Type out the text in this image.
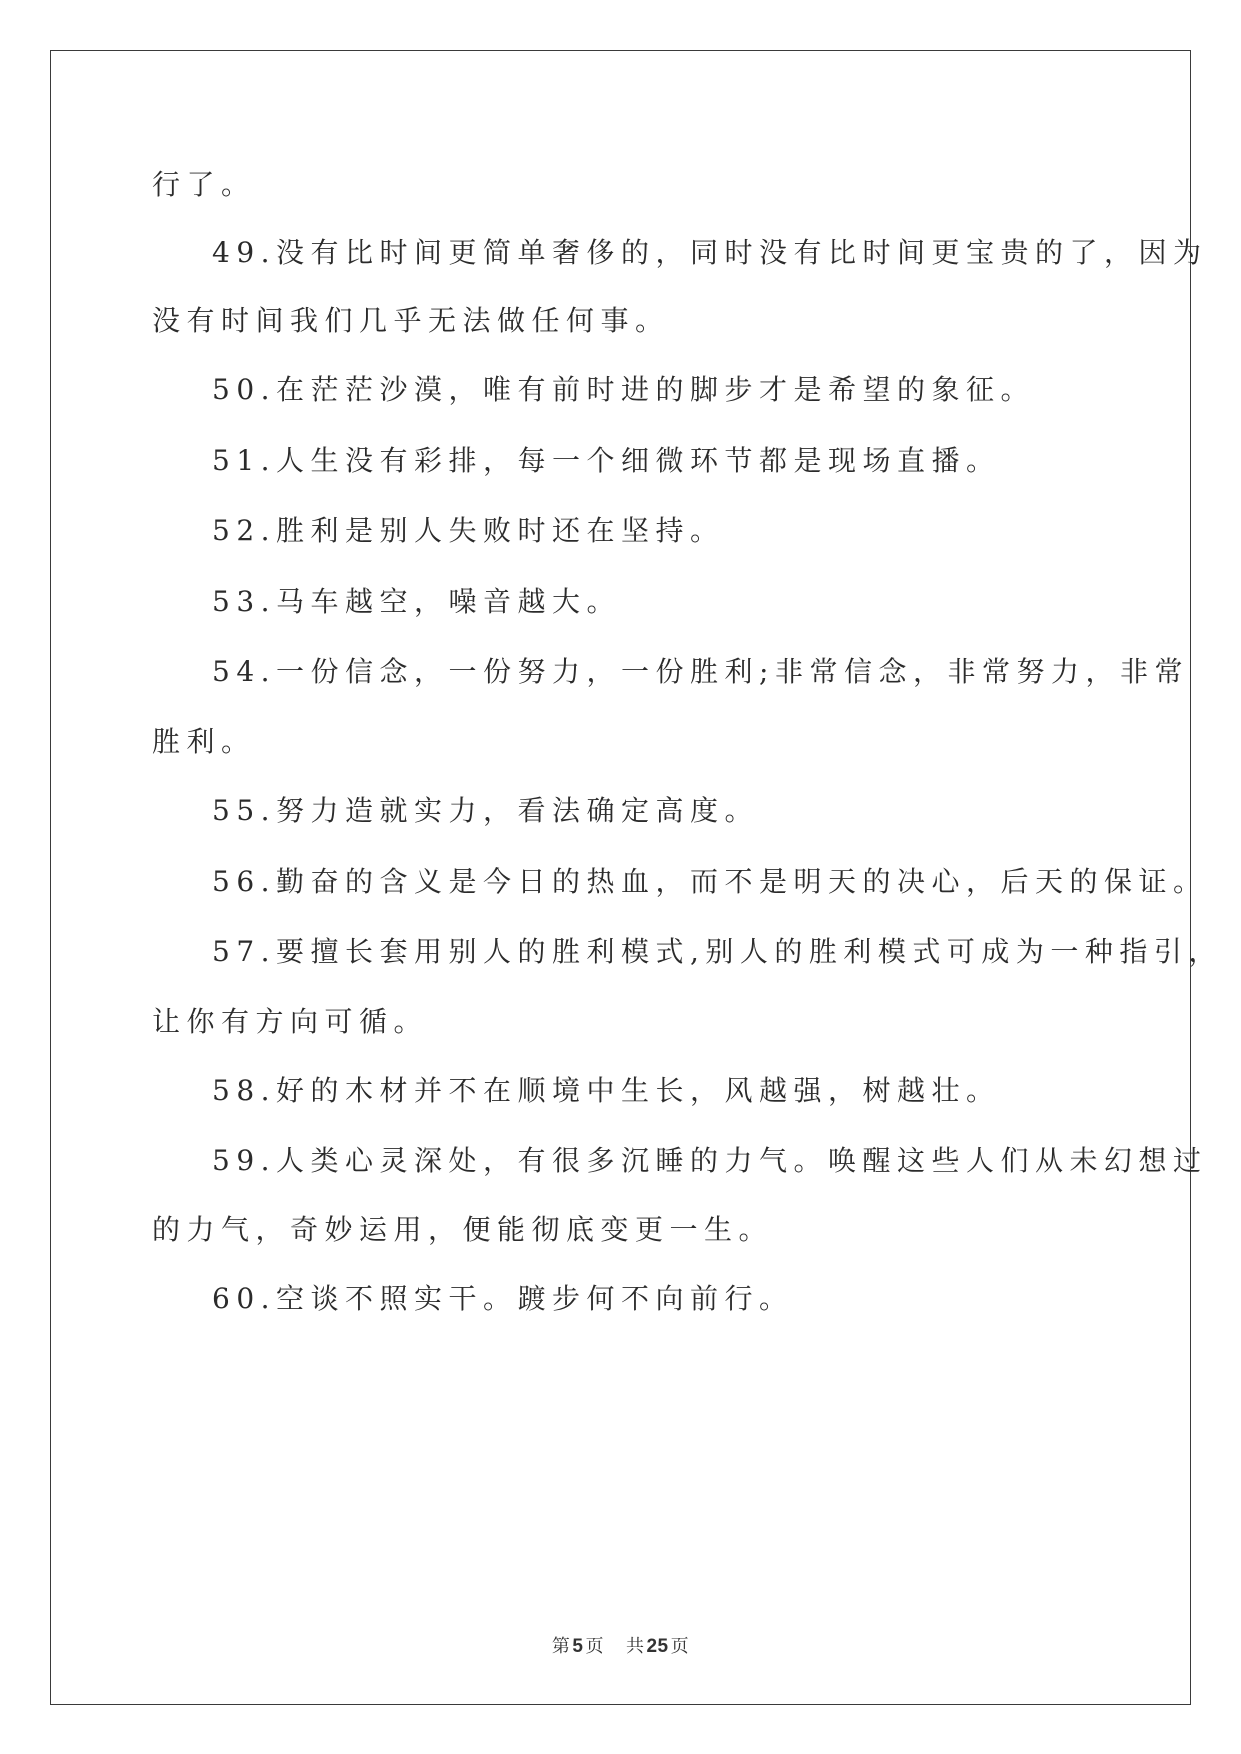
行了。
49.没有比时间更简单奢侈的，同时没有比时间更宝贵的了，因为
没有时间我们几乎无法做任何事。
50.在茫茫沙漠，唯有前时进的脚步才是希望的象征。
51.人生没有彩排，每一个细微环节都是现场直播。
52.胜利是别人失败时还在坚持。
53.马车越空，噪音越大。
54.一份信念，一份努力，一份胜利;非常信念，非常努力，非常
胜利。
55.努力造就实力，看法确定高度。
56.勤奋的含义是今日的热血，而不是明天的决心，后天的保证。
57.要擅长套用别人的胜利模式,别人的胜利模式可成为一种指引，
让你有方向可循。
58.好的木材并不在顺境中生长，风越强，树越壮。
59.人类心灵深处，有很多沉睡的力气。唤醒这些人们从未幻想过
的力气，奇妙运用，便能彻底变更一生。
60.空谈不照实干。踱步何不向前行。
第 5 页 共 25 页
